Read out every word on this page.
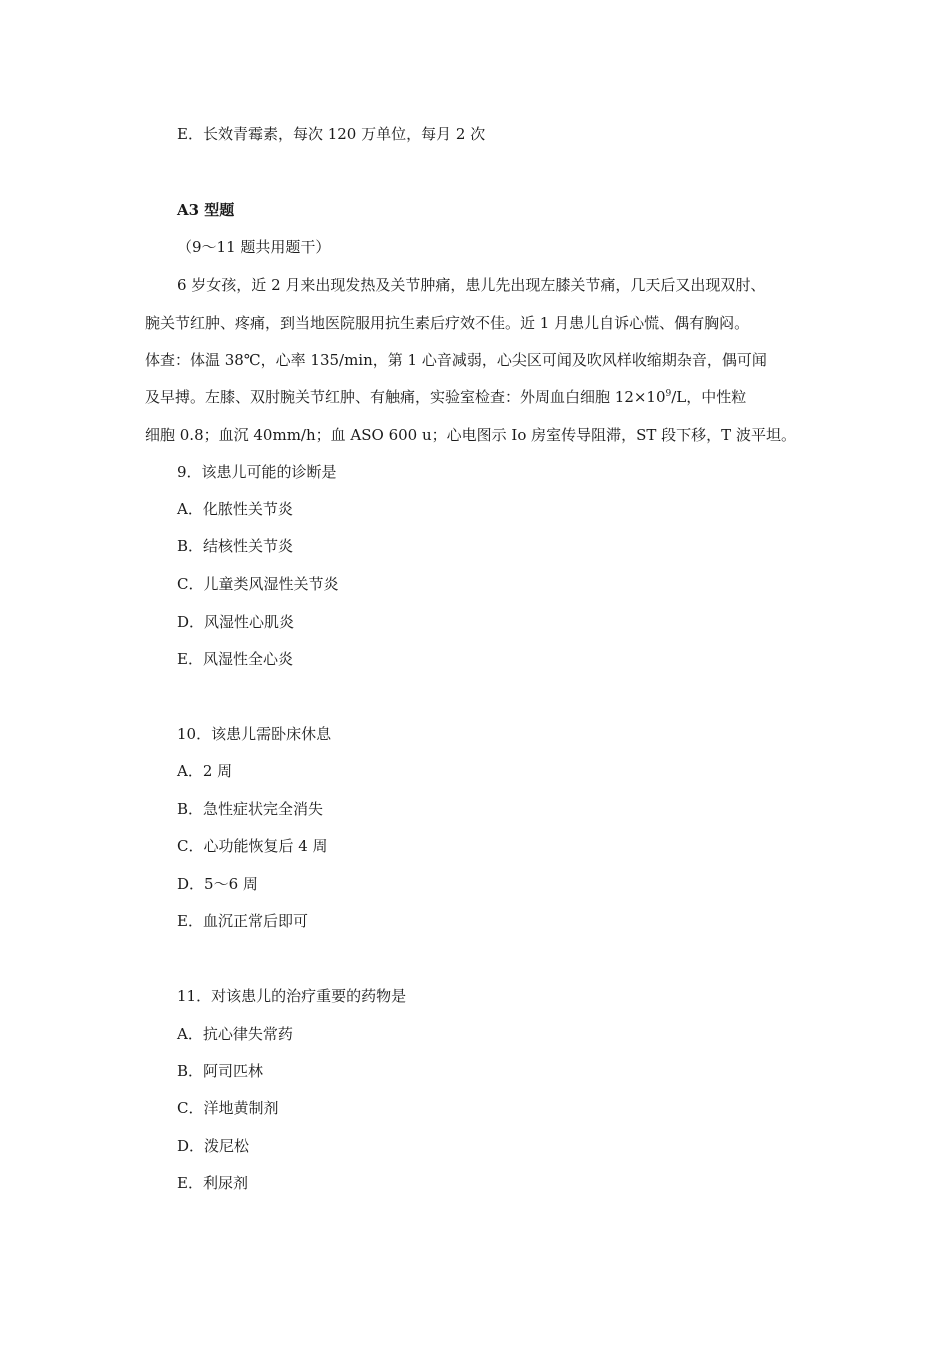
E．长效青霉素，每次 120 万单位，每月 2 次
A3 型题
（9～11 题共用题干）
6 岁女孩，近 2 月来出现发热及关节肿痛，患儿先出现左膝关节痛，几天后又出现双肘、
腕关节红肿、疼痛，到当地医院服用抗生素后疗效不佳。近 1 月患儿自诉心慌、偶有胸闷。
体查：体温 38℃，心率 135/min，第 1 心音减弱，心尖区可闻及吹风样收缩期杂音，偶可闻
及早搏。左膝、双肘腕关节红肿、有触痛，实验室检查：外周血白细胞 $12\times 10^9/L$，中性粒
细胞 0.8；血沉 40mm/h；血 ASO 600 u；心电图示 Io 房室传导阻滞，ST 段下移，T 波平坦。
9．该患儿可能的诊断是
A．化脓性关节炎
B．结核性关节炎
C．儿童类风湿性关节炎
D．风湿性心肌炎
E．风湿性全心炎
10．该患儿需卧床休息
A．2 周
B．急性症状完全消失
C．心功能恢复后 4 周
D．5～6 周
E．血沉正常后即可
11．对该患儿的治疗重要的药物是
A．抗心律失常药
B．阿司匹林
C．洋地黄制剂
D．泼尼松
E．利尿剂
